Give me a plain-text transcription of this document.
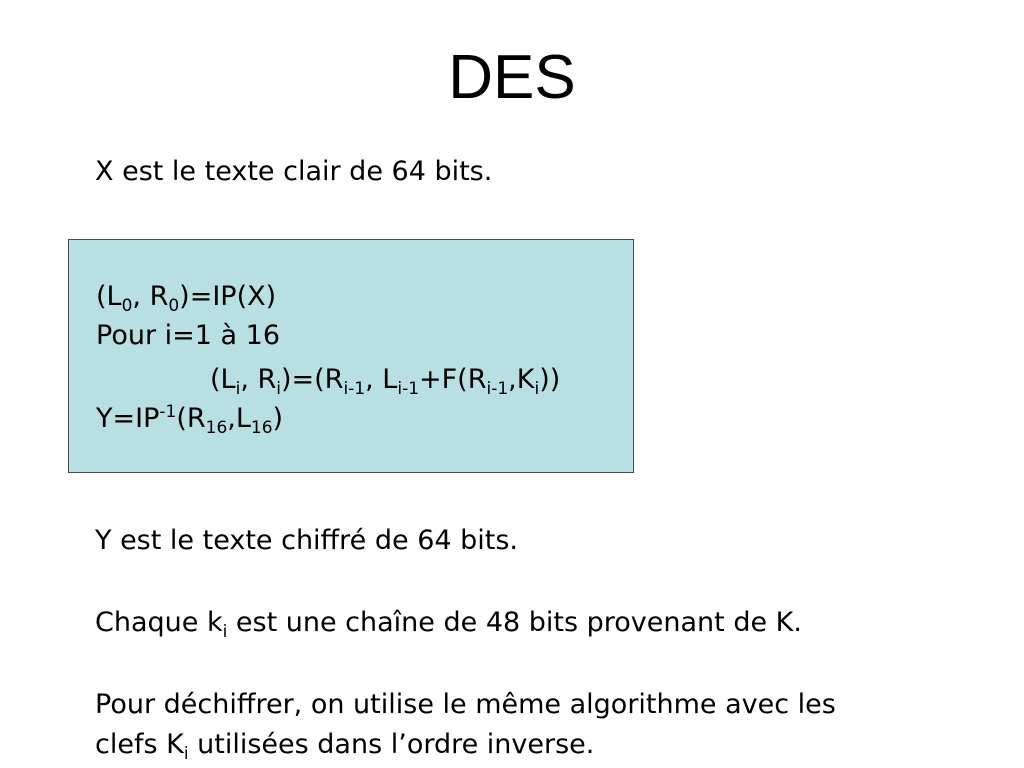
DES

X est le texte clair de 64 bits.

($L_0$, $R_0)=IP(X)$

Pour i=1 à 16

($L_i$, $R_i)=(R_{i-1}$, $L_{i-1}+F(R_{i-1},K_i)$)

$Y=IP^{-1}(R_{16},L_{16})$

Y est le texte chiffré de 64 bits.

Chaque $k_i$ est une chaîne de 48 bits provenant de K.

Pour déchiffrer, on utilise le même algorithme avec les

clefs $K_i$ utilisées dans l’ordre inverse.
